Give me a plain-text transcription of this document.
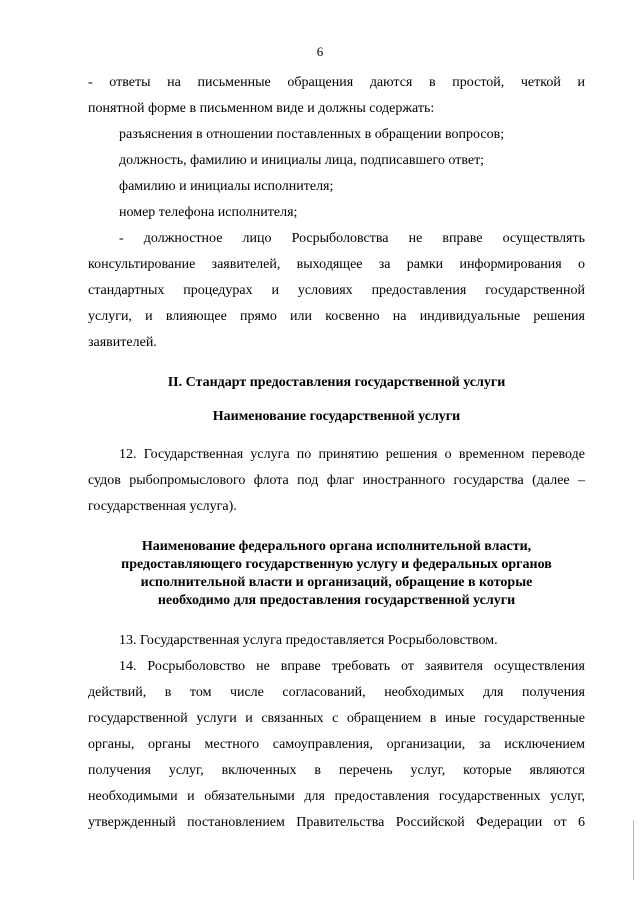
6
- ответы на письменные обращения даются в простой, четкой и
понятной форме в письменном виде и должны содержать:
разъяснения в отношении поставленных в обращении вопросов;
должность, фамилию и инициалы лица, подписавшего ответ;
фамилию и инициалы исполнителя;
номер телефона исполнителя;
- должностное лицо Росрыболовства не вправе осуществлять
консультирование заявителей, выходящее за рамки информирования о
стандартных процедурах и условиях предоставления государственной
услуги, и влияющее прямо или косвенно на индивидуальные решения
заявителей.
II. Стандарт предоставления государственной услуги
Наименование государственной услуги
12. Государственная услуга по принятию решения о временном переводе
судов рыбопромыслового флота под флаг иностранного государства (далее –
государственная услуга).
Наименование федерального органа исполнительной власти,
предоставляющего государственную услугу и федеральных органов
исполнительной власти и организаций, обращение в которые
необходимо для предоставления государственной услуги
13. Государственная услуга предоставляется Росрыболовством.
14. Росрыболовство не вправе требовать от заявителя осуществления
действий, в том числе согласований, необходимых для получения
государственной услуги и связанных с обращением в иные государственные
органы, органы местного самоуправления, организации, за исключением
получения услуг, включенных в перечень услуг, которые являются
необходимыми и обязательными для предоставления государственных услуг,
утвержденный постановлением Правительства Российской Федерации от 6
